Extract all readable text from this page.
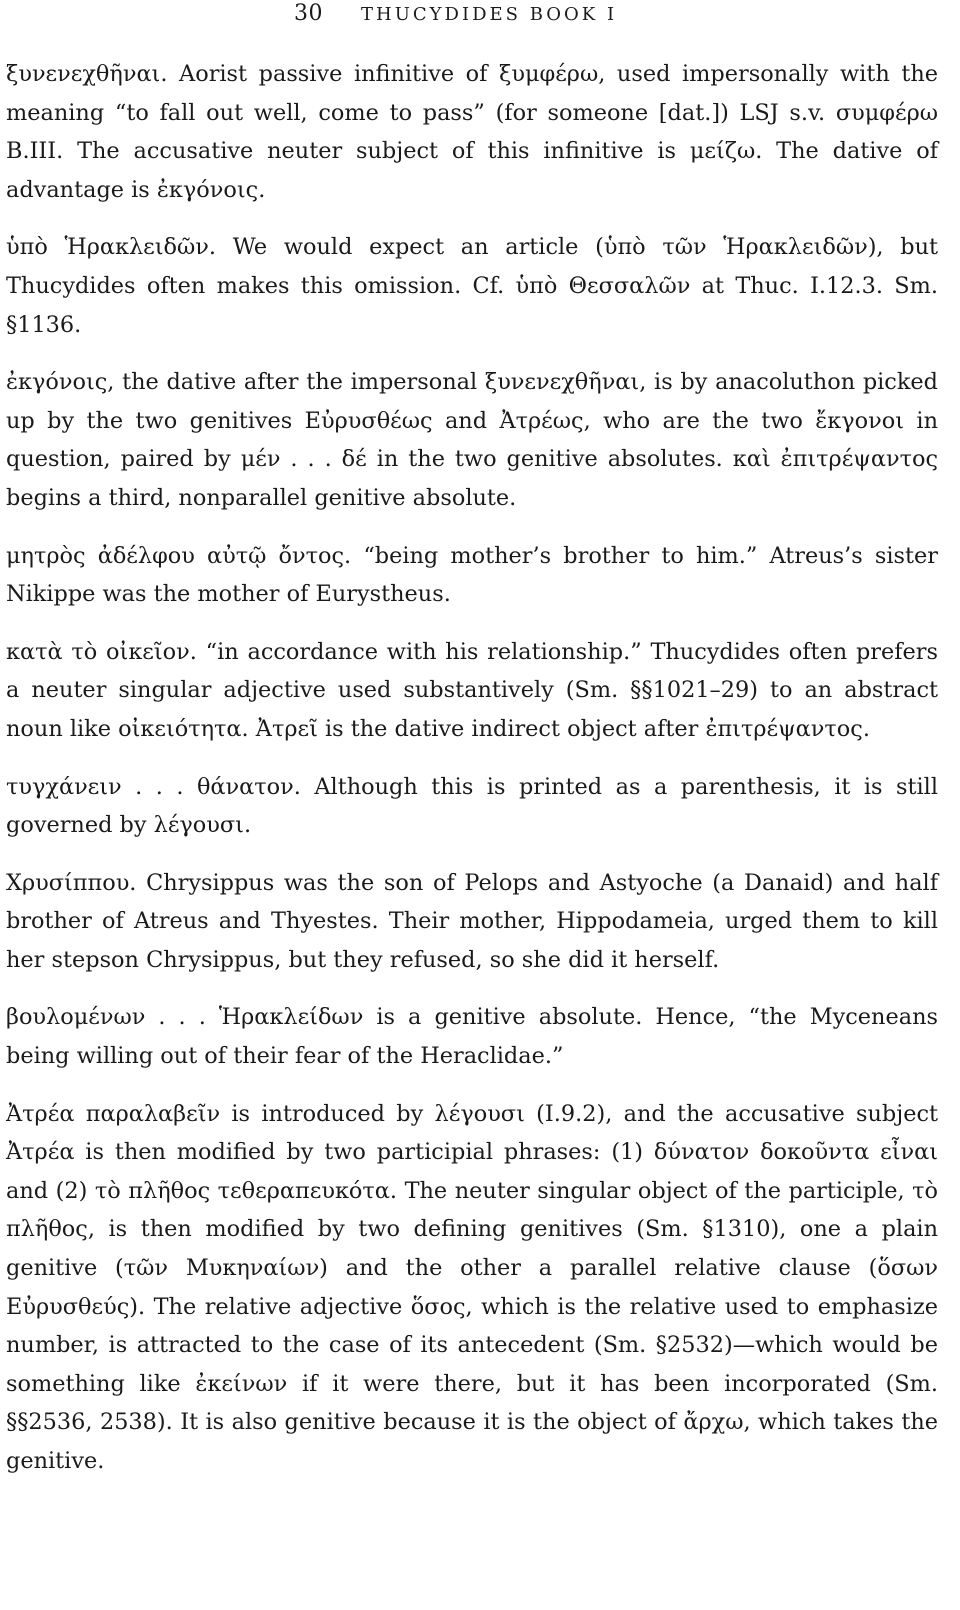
30 THUCYDIDES BOOK I

ξυνενεχθῆναι. Aorist passive infinitive of ξυμφέρω, used impersonally with the meaning “to fall out well, come to pass” (for someone [dat.]) LSJ s.v. συμφέρω B.III. The accusative neuter subject of this infinitive is μείζω. The dative of advantage is ἐκγόνοις.

ὑπὸ Ἡρακλειδῶν. We would expect an article (ὑπὸ τῶν Ἡρακλειδῶν), but Thucydides often makes this omission. Cf. ὑπὸ Θεσσαλῶν at Thuc. I.12.3. Sm. §1136.

ἐκγόνοις, the dative after the impersonal ξυνενεχθῆναι, is by anacoluthon picked up by the two genitives Εὐρυσθέως and Ἀτρέως, who are the two ἔκγονοι in question, paired by μέν . . . δέ in the two genitive absolutes. καὶ ἐπιτρέψαντος begins a third, nonparallel genitive absolute.

μητρὸς ἀδέλφου αὐτῷ ὄντος. “being mother’s brother to him.” Atreus’s sister Nikippe was the mother of Eurystheus.

κατὰ τὸ οἰκεῖον. “in accordance with his relationship.” Thucydides often prefers a neuter singular adjective used substantively (Sm. §§1021–29) to an abstract noun like οἰκειότητα. Ἀτρεῖ is the dative indirect object after ἐπιτρέψαντος.

τυγχάνειν . . . θάνατον. Although this is printed as a parenthesis, it is still governed by λέγουσι.

Χρυσίππου. Chrysippus was the son of Pelops and Astyoche (a Danaid) and half brother of Atreus and Thyestes. Their mother, Hippodameia, urged them to kill her stepson Chrysippus, but they refused, so she did it herself.

βουλομένων . . . Ἡρακλείδων is a genitive absolute. Hence, “the Myceneans being willing out of their fear of the Heraclidae.”

Ἀτρέα παραλαβεῖν is introduced by λέγουσι (I.9.2), and the accusative subject Ἀτρέα is then modified by two participial phrases: (1) δύνατον δοκοῦντα εἶναι and (2) τὸ πλῆθος τεθεραπευκότα. The neuter singular object of the participle, τὸ πλῆθος, is then modified by two defining genitives (Sm. §1310), one a plain genitive (τῶν Μυκηναίων) and the other a parallel relative clause (ὅσων Εὐρυσθεύς). The relative adjective ὅσος, which is the relative used to emphasize number, is attracted to the case of its antecedent (Sm. §2532)—which would be something like ἐκείνων if it were there, but it has been incorporated (Sm. §§2536, 2538). It is also genitive because it is the object of ἄρχω, which takes the genitive.
